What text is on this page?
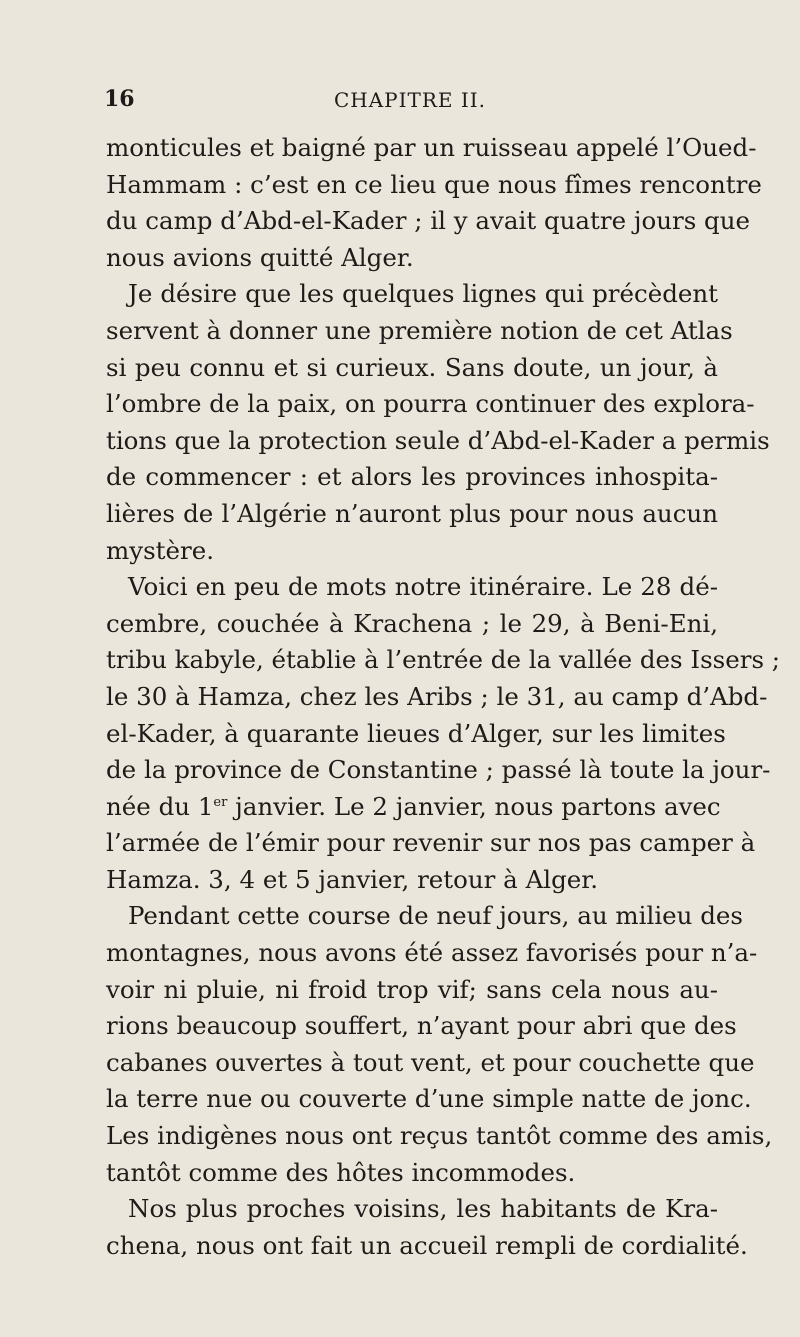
16	CHAPITRE II.
monticules et baigné par un ruisseau appelé l’Oued-
Hammam : c’est en ce lieu que nous fîmes rencontre
du camp d’Abd-el-Kader ; il y avait quatre jours que
nous avions quitté Alger.
Je désire que les quelques lignes qui précèdent
servent à donner une première notion de cet Atlas
si peu connu et si curieux. Sans doute, un jour, à
l’ombre de la paix, on pourra continuer des explora-
tions que la protection seule d’Abd-el-Kader a permis
de commencer : et alors les provinces inhospita-
lières de l’Algérie n’auront plus pour nous aucun
mystère.
Voici en peu de mots notre itinéraire. Le 28 dé-
cembre, couchée à Krachena ; le 29, à Beni-Eni,
tribu kabyle, établie à l’entrée de la vallée des Issers ;
le 30 à Hamza, chez les Aribs ; le 31, au camp d’Abd-
el-Kader, à quarante lieues d’Alger, sur les limites
de la province de Constantine ; passé là toute la jour-
née du 1er janvier. Le 2 janvier, nous partons avec
l’armée de l’émir pour revenir sur nos pas camper à
Hamza. 3, 4 et 5 janvier, retour à Alger.
Pendant cette course de neuf jours, au milieu des
montagnes, nous avons été assez favorisés pour n’a-
voir ni pluie, ni froid trop vif; sans cela nous au-
rions beaucoup souffert, n’ayant pour abri que des
cabanes ouvertes à tout vent, et pour couchette que
la terre nue ou couverte d’une simple natte de jonc.
Les indigènes nous ont reçus tantôt comme des amis,
tantôt comme des hôtes incommodes.
Nos plus proches voisins, les habitants de Kra-
chena, nous ont fait un accueil rempli de cordialité.
